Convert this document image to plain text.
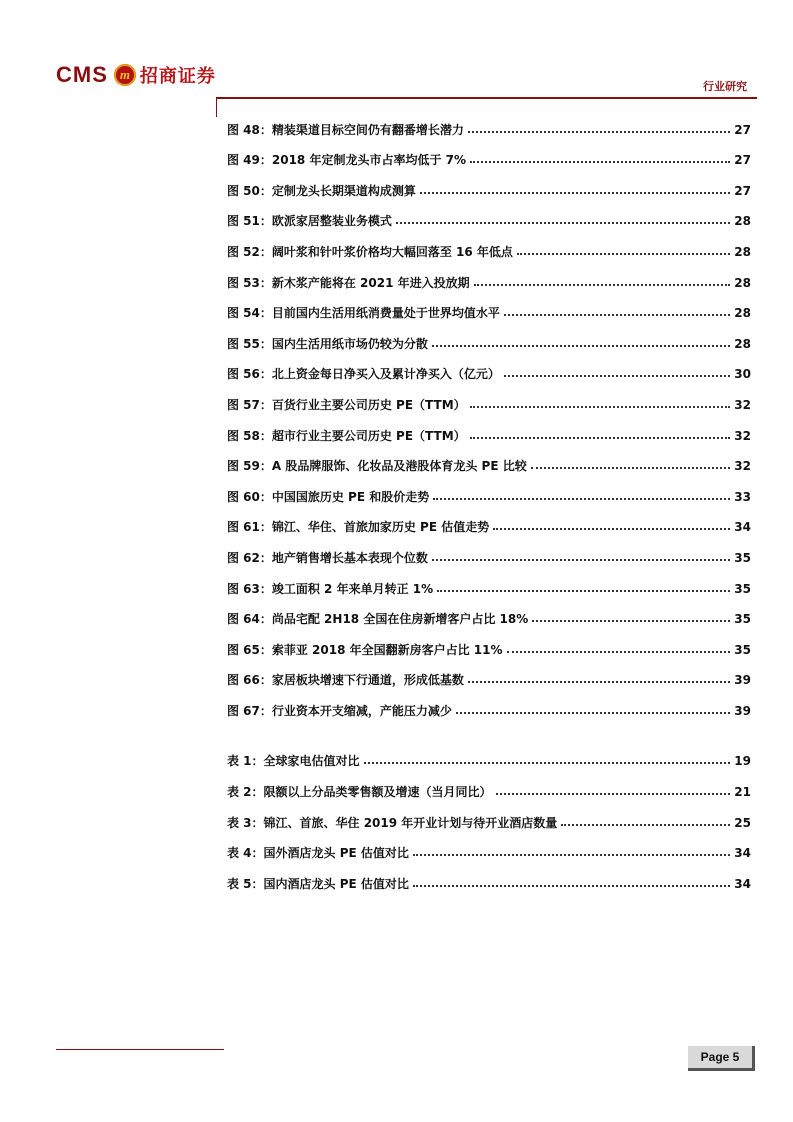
CMS m 招商证券	行业研究
图 48：精装渠道目标空间仍有翻番增长潜力	27
图 49：2018 年定制龙头市占率均低于 7%	27
图 50：定制龙头长期渠道构成测算	27
图 51：欧派家居整装业务模式	28
图 52：阔叶浆和针叶浆价格均大幅回落至 16 年低点	28
图 53：新木浆产能将在 2021 年进入投放期	28
图 54：目前国内生活用纸消费量处于世界均值水平	28
图 55：国内生活用纸市场仍较为分散	28
图 56：北上资金每日净买入及累计净买入（亿元）	30
图 57：百货行业主要公司历史 PE（TTM）	32
图 58：超市行业主要公司历史 PE（TTM）	32
图 59：A 股品牌服饰、化妆品及港股体育龙头 PE 比较	32
图 60：中国国旅历史 PE 和股价走势	33
图 61：锦江、华住、首旅加家历史 PE 估值走势	34
图 62：地产销售增长基本表现个位数	35
图 63：竣工面积 2 年来单月转正 1%	35
图 64：尚品宅配 2H18 全国在住房新增客户占比 18%	35
图 65：索菲亚 2018 年全国翻新房客户占比 11%	35
图 66：家居板块增速下行通道，形成低基数	39
图 67：行业资本开支缩减，产能压力减少	39
表 1：全球家电估值对比	19
表 2：限额以上分品类零售额及增速（当月同比）	21
表 3：锦江、首旅、华住 2019 年开业计划与待开业酒店数量	25
表 4：国外酒店龙头 PE 估值对比	34
表 5：国内酒店龙头 PE 估值对比	34
Page 5
